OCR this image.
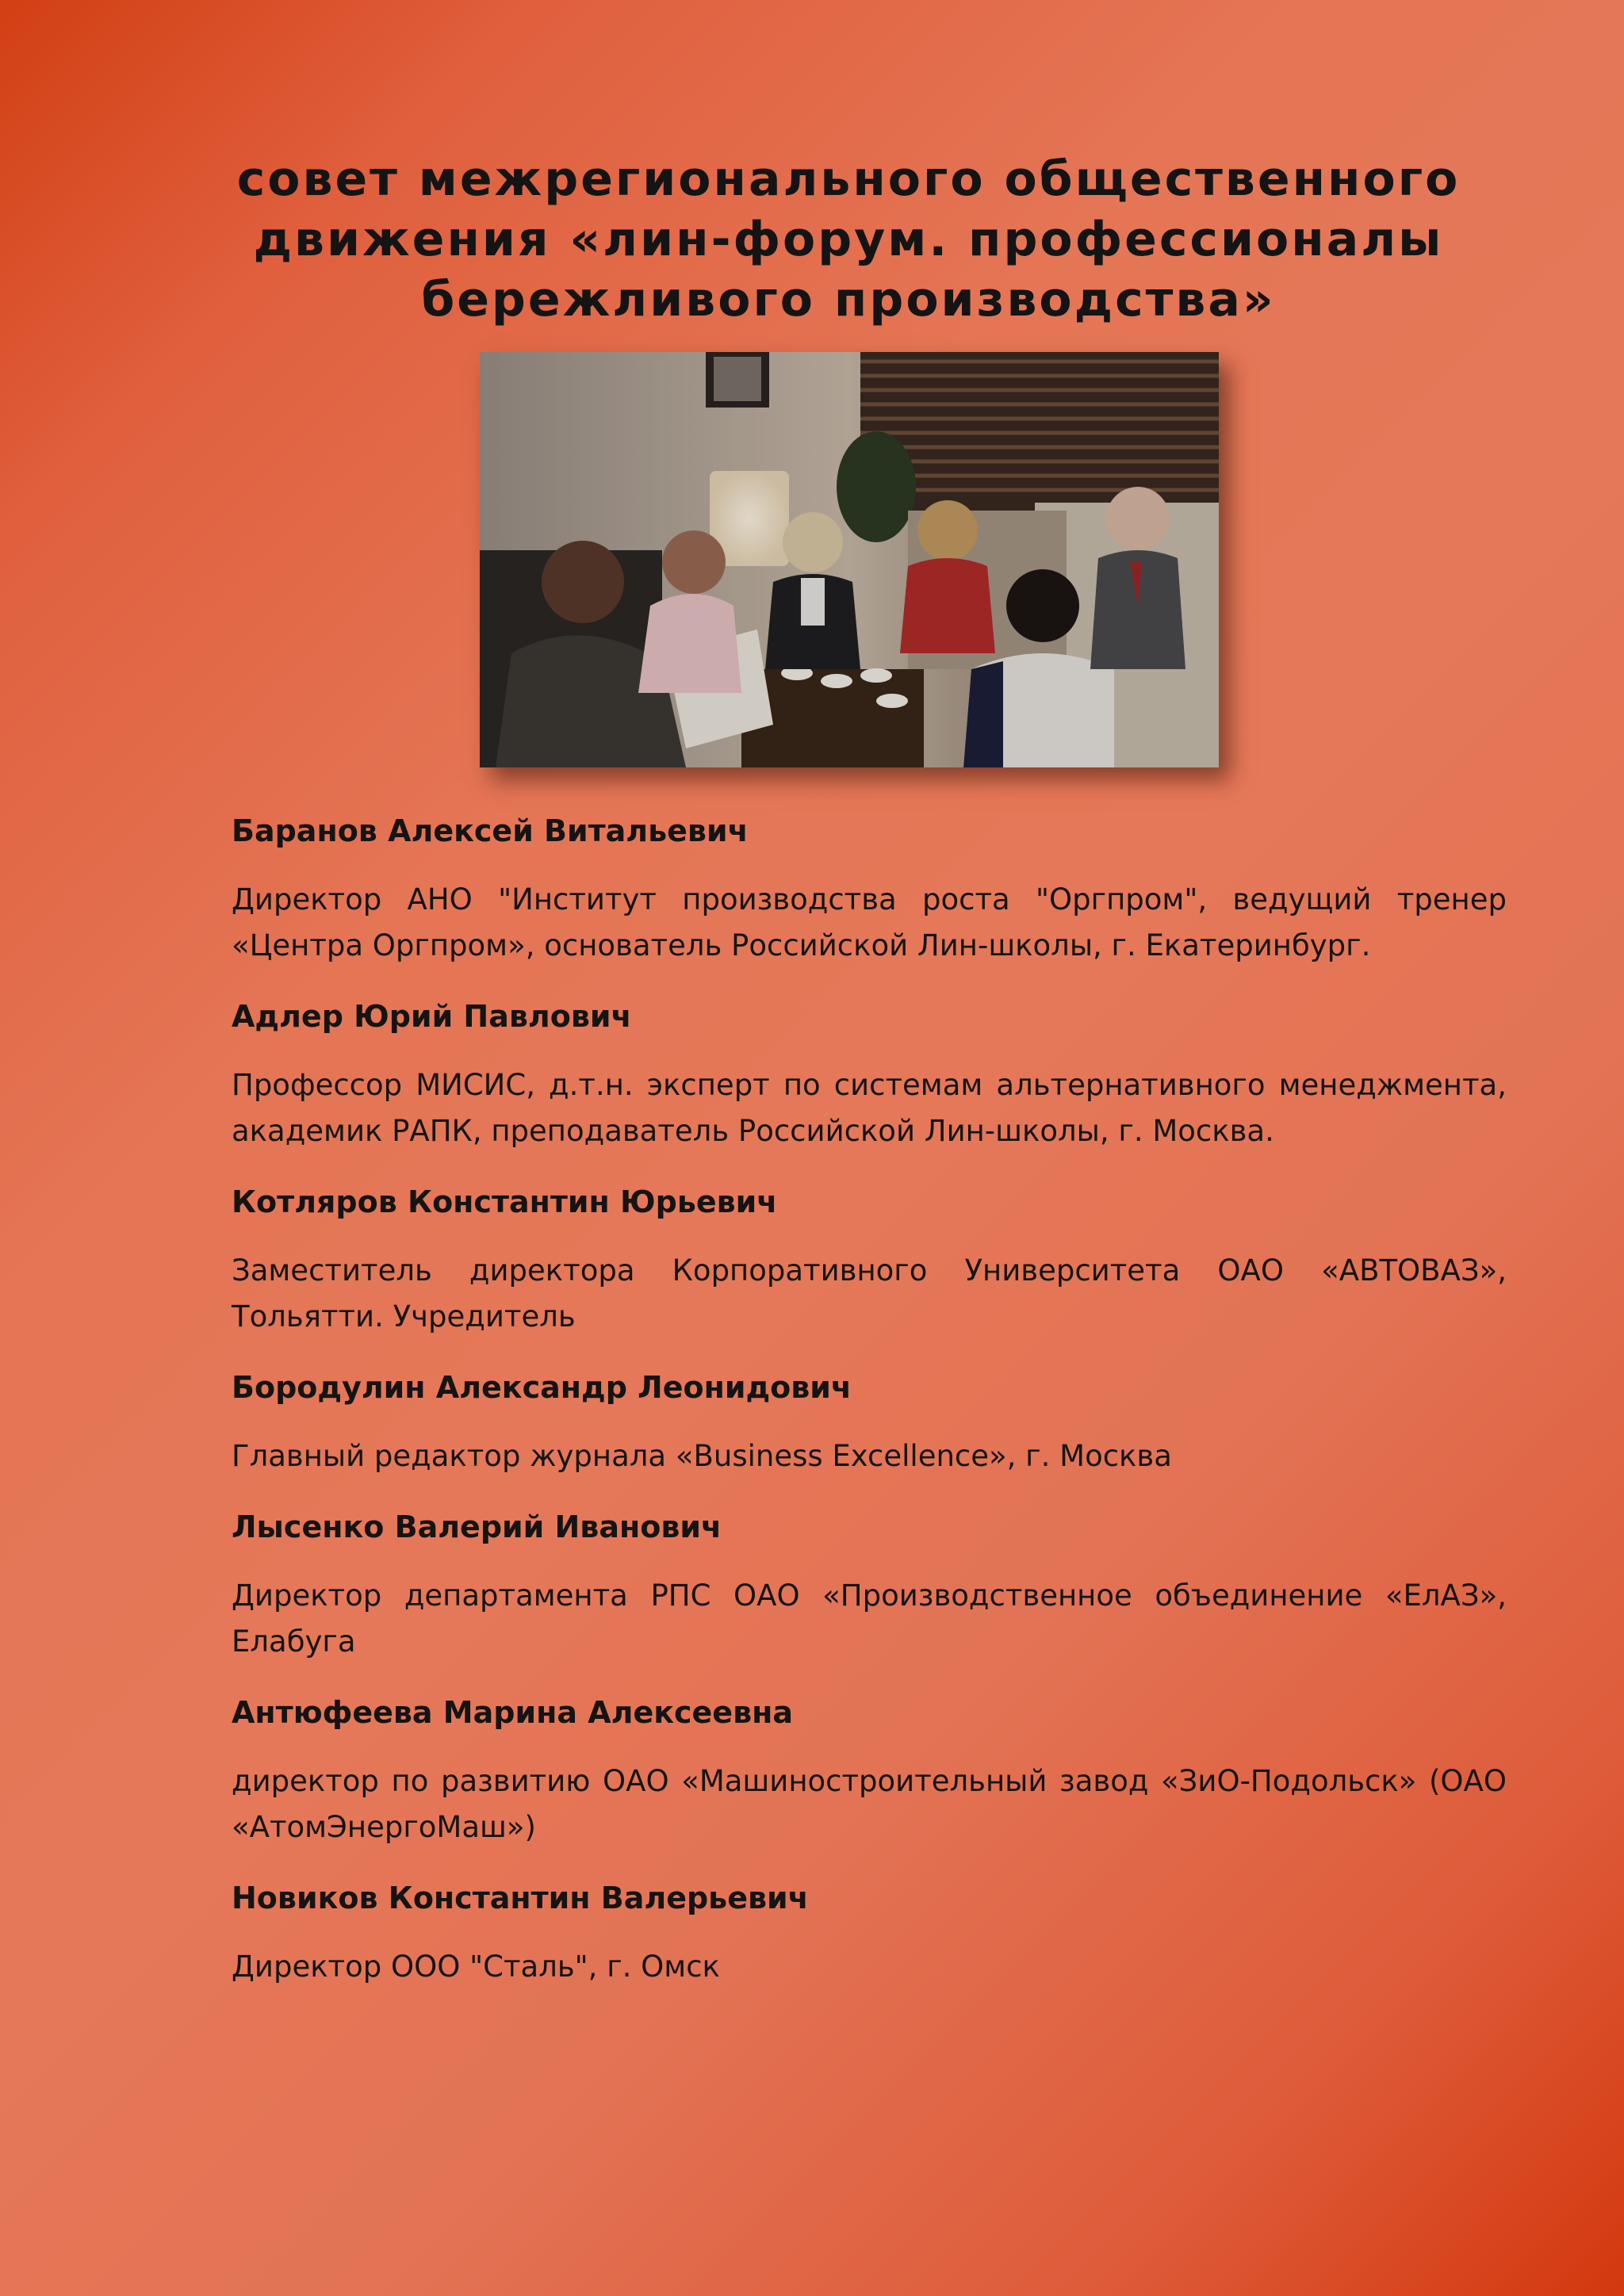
совет межрегионального общественного движения «лин-форум. профессионалы бережливого производства»

Баранов Алексей Витальевич

Директор АНО "Институт производства роста "Оргпром", ведущий тренер «Центра Оргпром», основатель Российской Лин-школы, г. Екатеринбург.

Адлер Юрий Павлович

Профессор МИСИС, д.т.н. эксперт по системам альтернативного менеджмента, академик РАПК, преподаватель Российской Лин-школы, г. Москва.

Котляров Константин Юрьевич

Заместитель директора Корпоративного Университета ОАО «АВТОВАЗ», Тольятти. Учредитель

Бородулин Александр Леонидович

Главный редактор журнала «Business Excellence», г. Москва

Лысенко Валерий Иванович

Директор департамента РПС ОАО «Производственное объединение «ЕлАЗ», Елабуга

Антюфеева Марина Алексеевна

директор по развитию ОАО «Машиностроительный завод «ЗиО-Подольск» (ОАО «АтомЭнергоМаш»)

Новиков Константин Валерьевич

Директор ООО "Сталь", г. Омск
